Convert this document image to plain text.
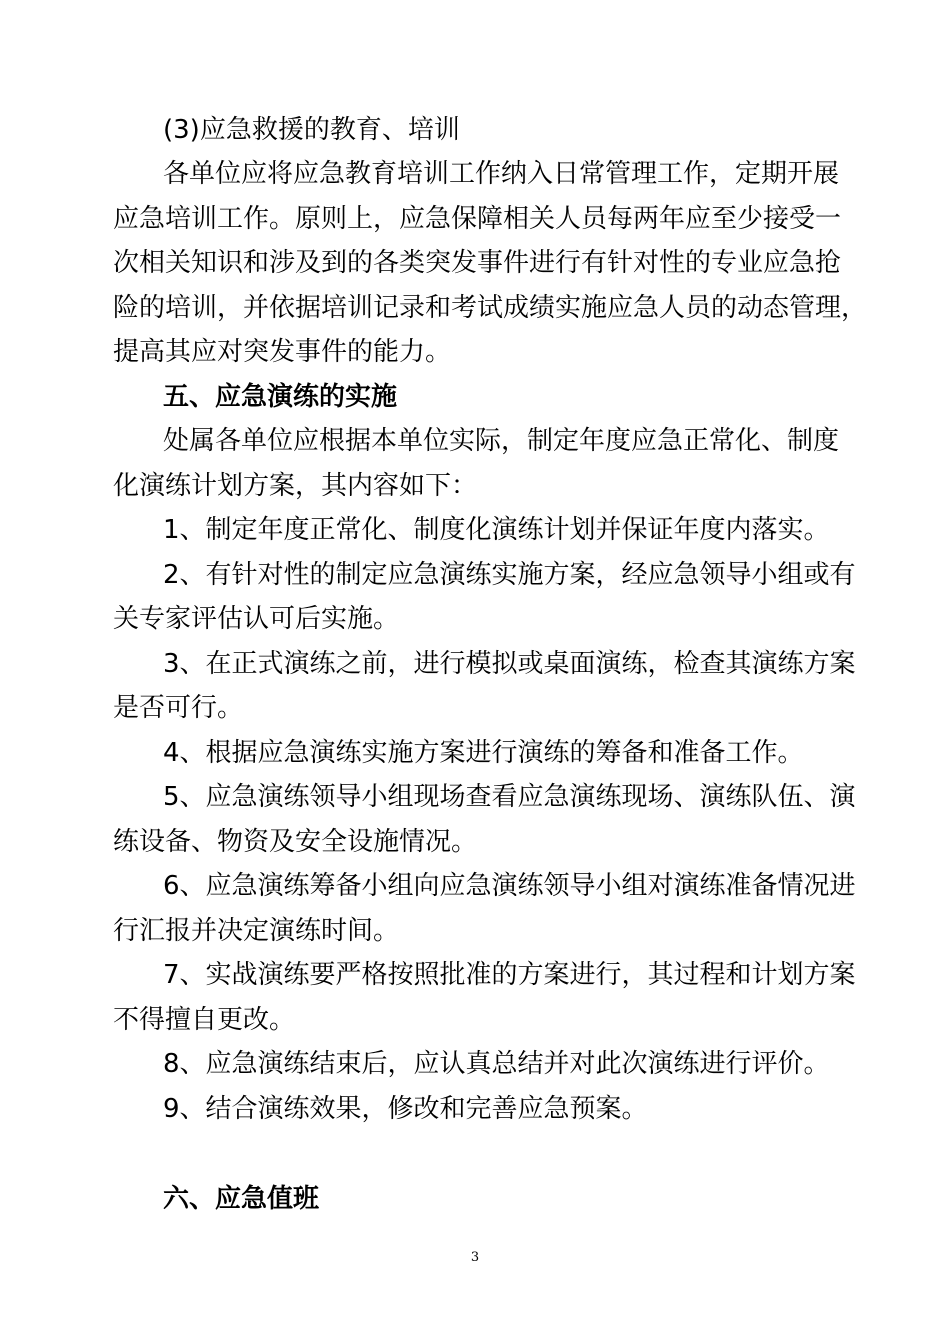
(3)应急救援的教育、培训
各单位应将应急教育培训工作纳入日常管理工作，定期开展
应急培训工作。原则上，应急保障相关人员每两年应至少接受一
次相关知识和涉及到的各类突发事件进行有针对性的专业应急抢
险的培训，并依据培训记录和考试成绩实施应急人员的动态管理，
提高其应对突发事件的能力。
五、应急演练的实施
处属各单位应根据本单位实际，制定年度应急正常化、制度
化演练计划方案，其内容如下：
1、制定年度正常化、制度化演练计划并保证年度内落实。
2、有针对性的制定应急演练实施方案，经应急领导小组或有
关专家评估认可后实施。
3、在正式演练之前，进行模拟或桌面演练，检查其演练方案
是否可行。
4、根据应急演练实施方案进行演练的筹备和准备工作。
5、应急演练领导小组现场查看应急演练现场、演练队伍、演
练设备、物资及安全设施情况。
6、应急演练筹备小组向应急演练领导小组对演练准备情况进
行汇报并决定演练时间。
7、实战演练要严格按照批准的方案进行，其过程和计划方案
不得擅自更改。
8、应急演练结束后，应认真总结并对此次演练进行评价。
9、结合演练效果，修改和完善应急预案。
六、应急值班
3
